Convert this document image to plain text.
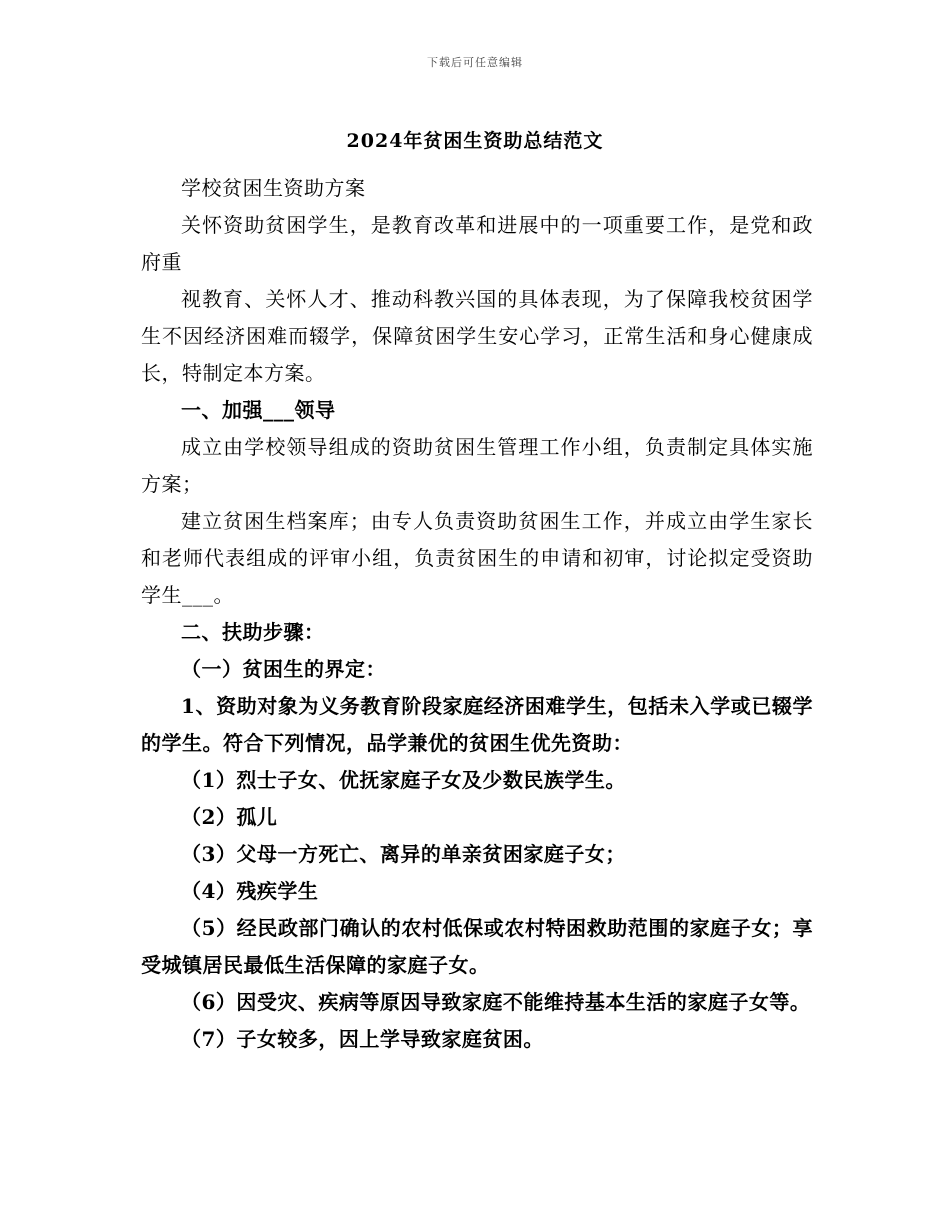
下载后可任意编辑
2024年贫困生资助总结范文

学校贫困生资助方案

关怀资助贫困学生，是教育改革和进展中的一项重要工作，是党和政府重

视教育、关怀人才、推动科教兴国的具体表现，为了保障我校贫困学生不因经济困难而辍学，保障贫困学生安心学习，正常生活和身心健康成长，特制定本方案。

一、加强___领导

成立由学校领导组成的资助贫困生管理工作小组，负责制定具体实施方案；

建立贫困生档案库；由专人负责资助贫困生工作，并成立由学生家长和老师代表组成的评审小组，负责贫困生的申请和初审，讨论拟定受资助学生___。

二、扶助步骤：

（一）贫困生的界定：

1、资助对象为义务教育阶段家庭经济困难学生，包括未入学或已辍学的学生。符合下列情况，品学兼优的贫困生优先资助：

（1）烈士子女、优抚家庭子女及少数民族学生。

（2）孤儿

（3）父母一方死亡、离异的单亲贫困家庭子女；

（4）残疾学生

（5）经民政部门确认的农村低保或农村特困救助范围的家庭子女；享受城镇居民最低生活保障的家庭子女。

（6）因受灾、疾病等原因导致家庭不能维持基本生活的家庭子女等。

（7）子女较多，因上学导致家庭贫困。
